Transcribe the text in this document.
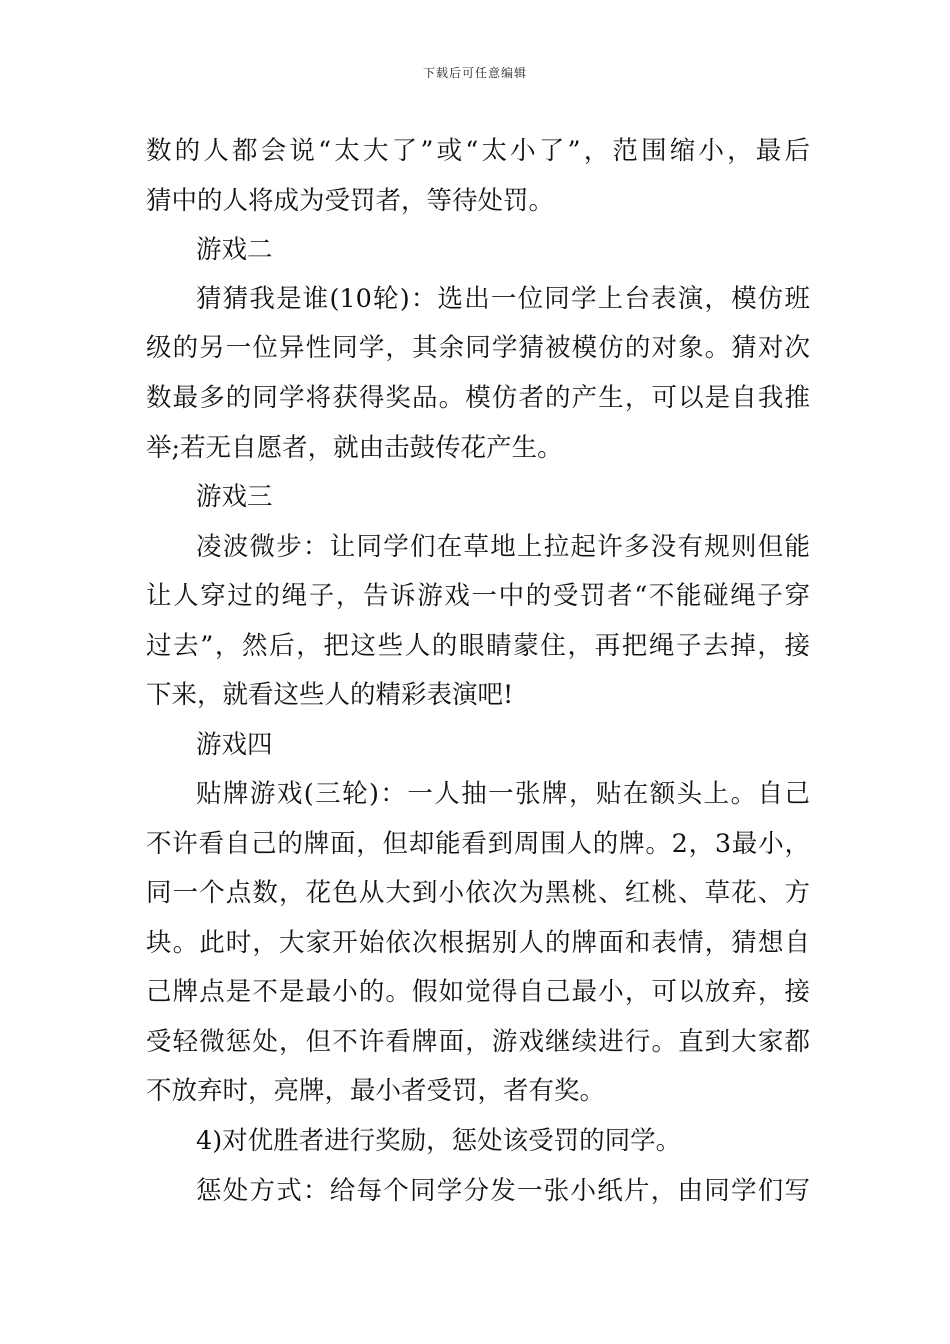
下载后可任意编辑
数的人都会说“太大了”或“太小了”，范围缩小，最后
猜中的人将成为受罚者，等待处罚。
游戏二
猜猜我是谁(10轮)：选出一位同学上台表演，模仿班
级的另一位异性同学，其余同学猜被模仿的对象。猜对次
数最多的同学将获得奖品。模仿者的产生，可以是自我推
举;若无自愿者，就由击鼓传花产生。
游戏三
凌波微步：让同学们在草地上拉起许多没有规则但能
让人穿过的绳子，告诉游戏一中的受罚者“不能碰绳子穿
过去”，然后，把这些人的眼睛蒙住，再把绳子去掉，接
下来，就看这些人的精彩表演吧!
游戏四
贴牌游戏(三轮)：一人抽一张牌，贴在额头上。自己
不许看自己的牌面，但却能看到周围人的牌。2，3最小，
同一个点数，花色从大到小依次为黑桃、红桃、草花、方
块。此时，大家开始依次根据别人的牌面和表情，猜想自
己牌点是不是最小的。假如觉得自己最小，可以放弃，接
受轻微惩处，但不许看牌面，游戏继续进行。直到大家都
不放弃时，亮牌，最小者受罚，者有奖。
4)对优胜者进行奖励，惩处该受罚的同学。
惩处方式：给每个同学分发一张小纸片，由同学们写
